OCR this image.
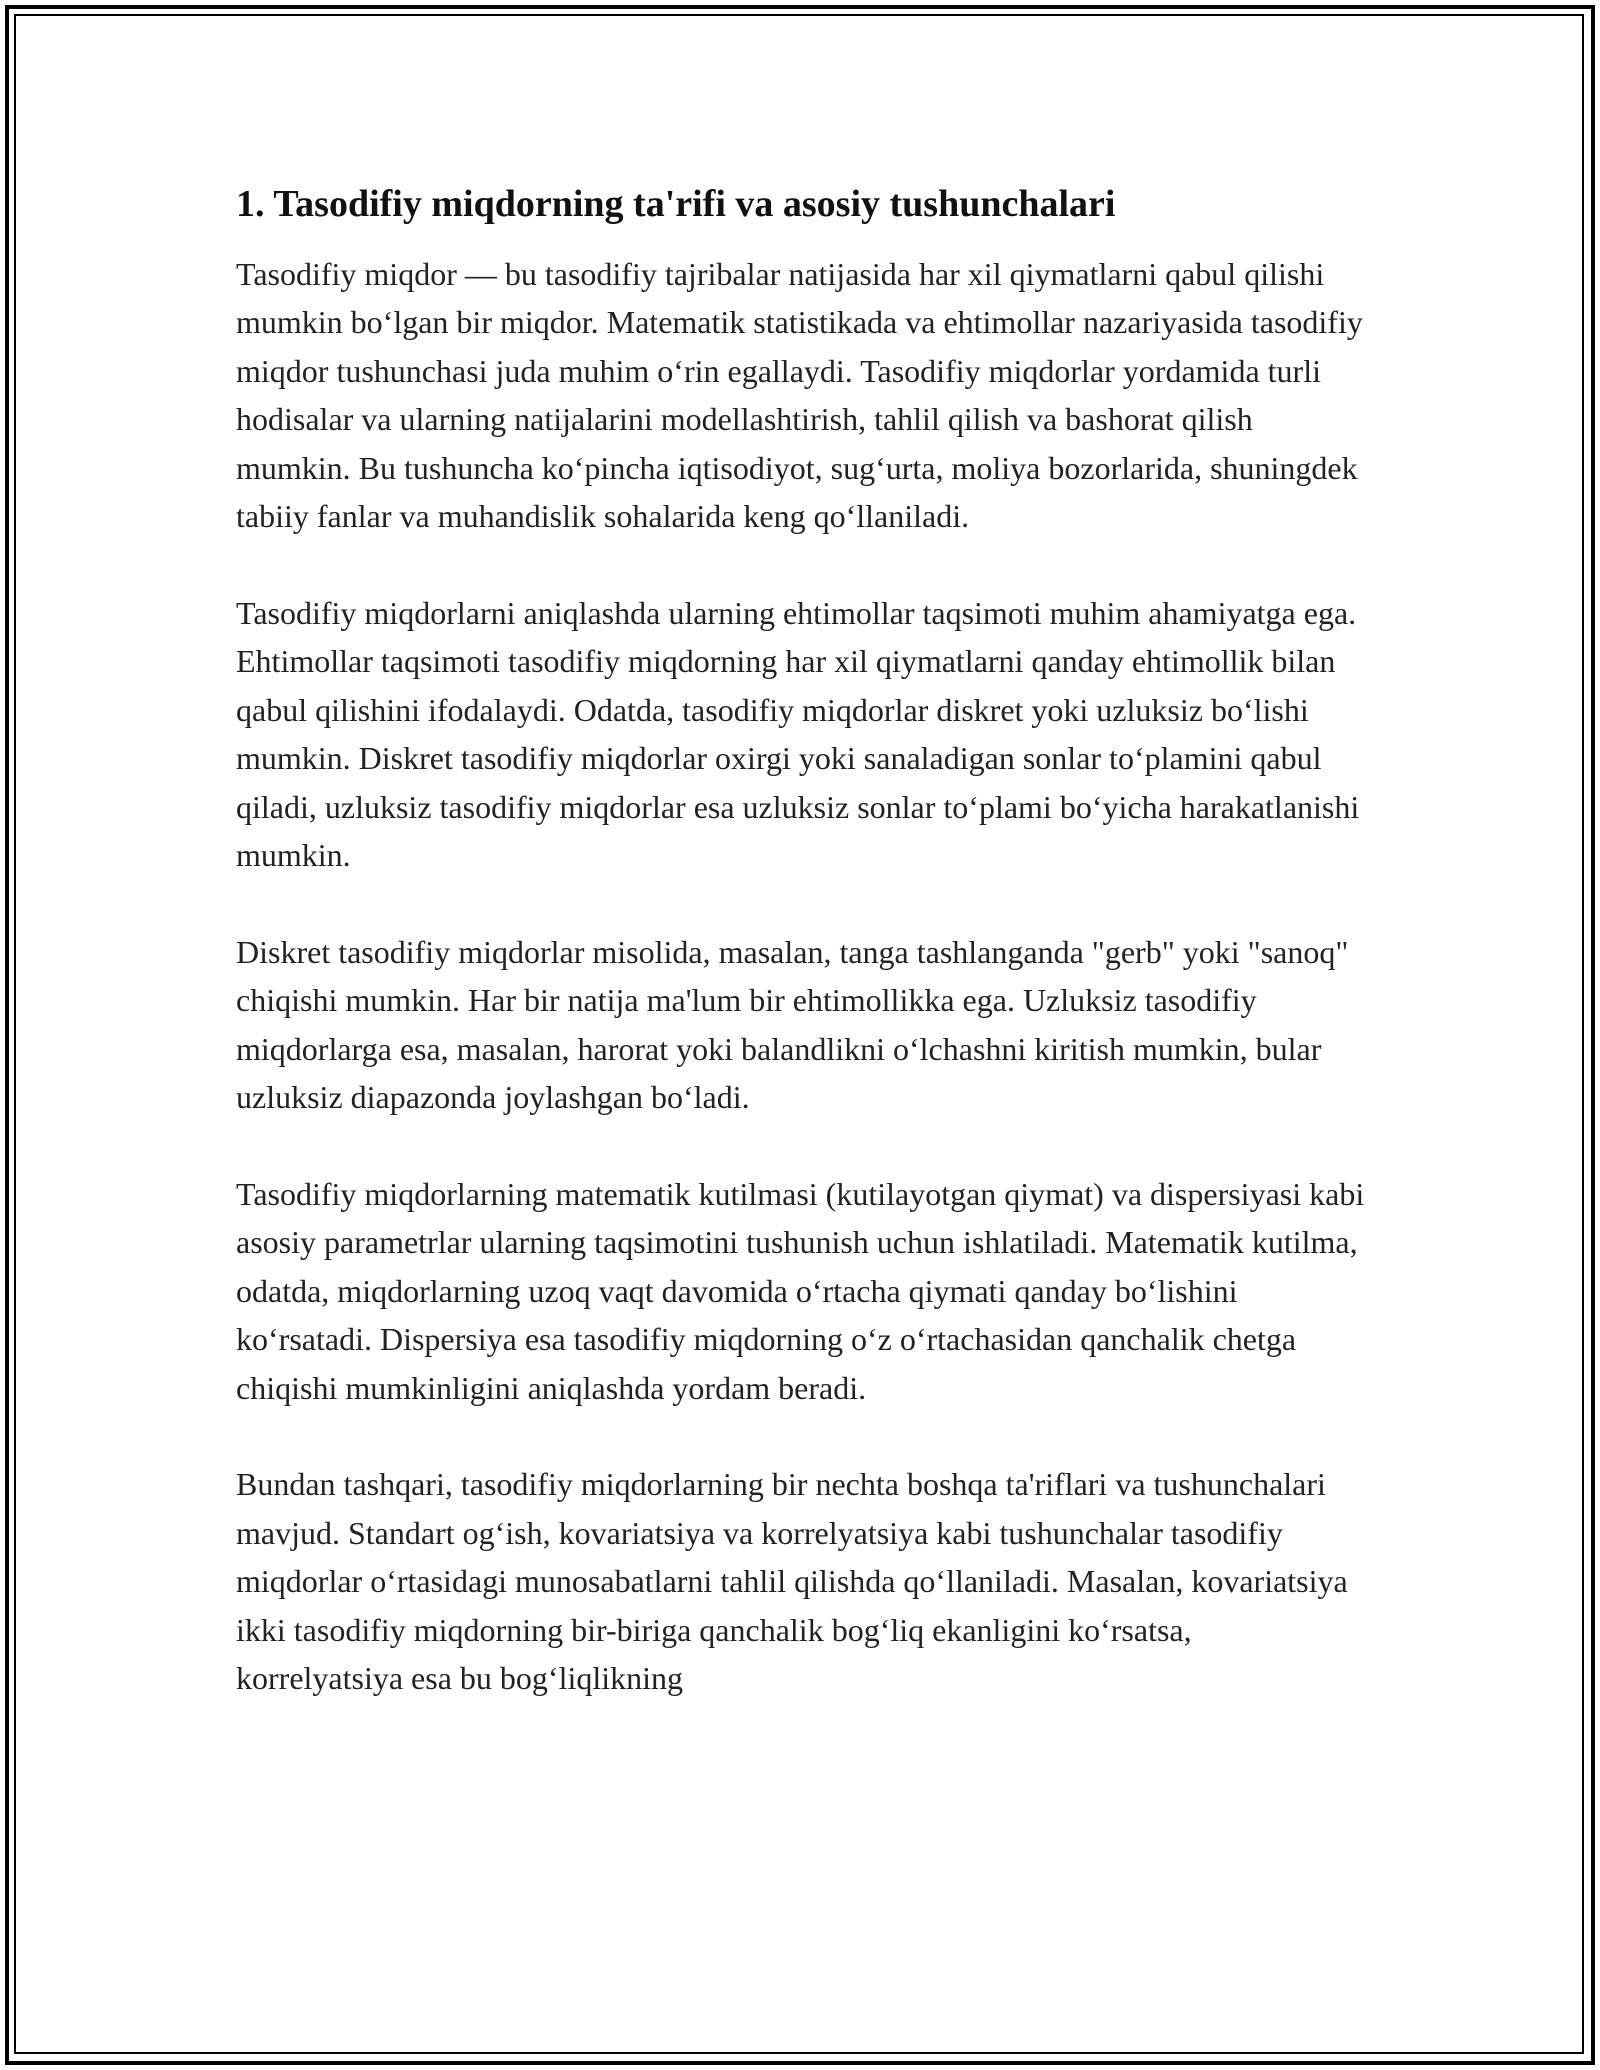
1. Tasodifiy miqdorning ta'rifi va asosiy tushunchalari

Tasodifiy miqdor — bu tasodifiy tajribalar natijasida har xil qiymatlarni qabul qilishi mumkin bo‘lgan bir miqdor. Matematik statistikada va ehtimollar nazariyasida tasodifiy miqdor tushunchasi juda muhim o‘rin egallaydi. Tasodifiy miqdorlar yordamida turli hodisalar va ularning natijalarini modellashtirish, tahlil qilish va bashorat qilish mumkin. Bu tushuncha ko‘pincha iqtisodiyot, sug‘urta, moliya bozorlarida, shuningdek tabiiy fanlar va muhandislik sohalarida keng qo‘llaniladi.

Tasodifiy miqdorlarni aniqlashda ularning ehtimollar taqsimoti muhim ahamiyatga ega. Ehtimollar taqsimoti tasodifiy miqdorning har xil qiymatlarni qanday ehtimollik bilan qabul qilishini ifodalaydi. Odatda, tasodifiy miqdorlar diskret yoki uzluksiz bo‘lishi mumkin. Diskret tasodifiy miqdorlar oxirgi yoki sanaladigan sonlar to‘plamini qabul qiladi, uzluksiz tasodifiy miqdorlar esa uzluksiz sonlar to‘plami bo‘yicha harakatlanishi mumkin.

Diskret tasodifiy miqdorlar misolida, masalan, tanga tashlanganda "gerb" yoki "sanoq" chiqishi mumkin. Har bir natija ma'lum bir ehtimollikka ega. Uzluksiz tasodifiy miqdorlarga esa, masalan, harorat yoki balandlikni o‘lchashni kiritish mumkin, bular uzluksiz diapazonda joylashgan bo‘ladi.

Tasodifiy miqdorlarning matematik kutilmasi (kutilayotgan qiymat) va dispersiyasi kabi asosiy parametrlar ularning taqsimotini tushunish uchun ishlatiladi. Matematik kutilma, odatda, miqdorlarning uzoq vaqt davomida o‘rtacha qiymati qanday bo‘lishini ko‘rsatadi. Dispersiya esa tasodifiy miqdorning o‘z o‘rtachasidan qanchalik chetga chiqishi mumkinligini aniqlashda yordam beradi.

Bundan tashqari, tasodifiy miqdorlarning bir nechta boshqa ta'riflari va tushunchalari mavjud. Standart og‘ish, kovariatsiya va korrelyatsiya kabi tushunchalar tasodifiy miqdorlar o‘rtasidagi munosabatlarni tahlil qilishda qo‘llaniladi. Masalan, kovariatsiya ikki tasodifiy miqdorning bir-biriga qanchalik bog‘liq ekanligini ko‘rsatsa, korrelyatsiya esa bu bog‘liqlikning
